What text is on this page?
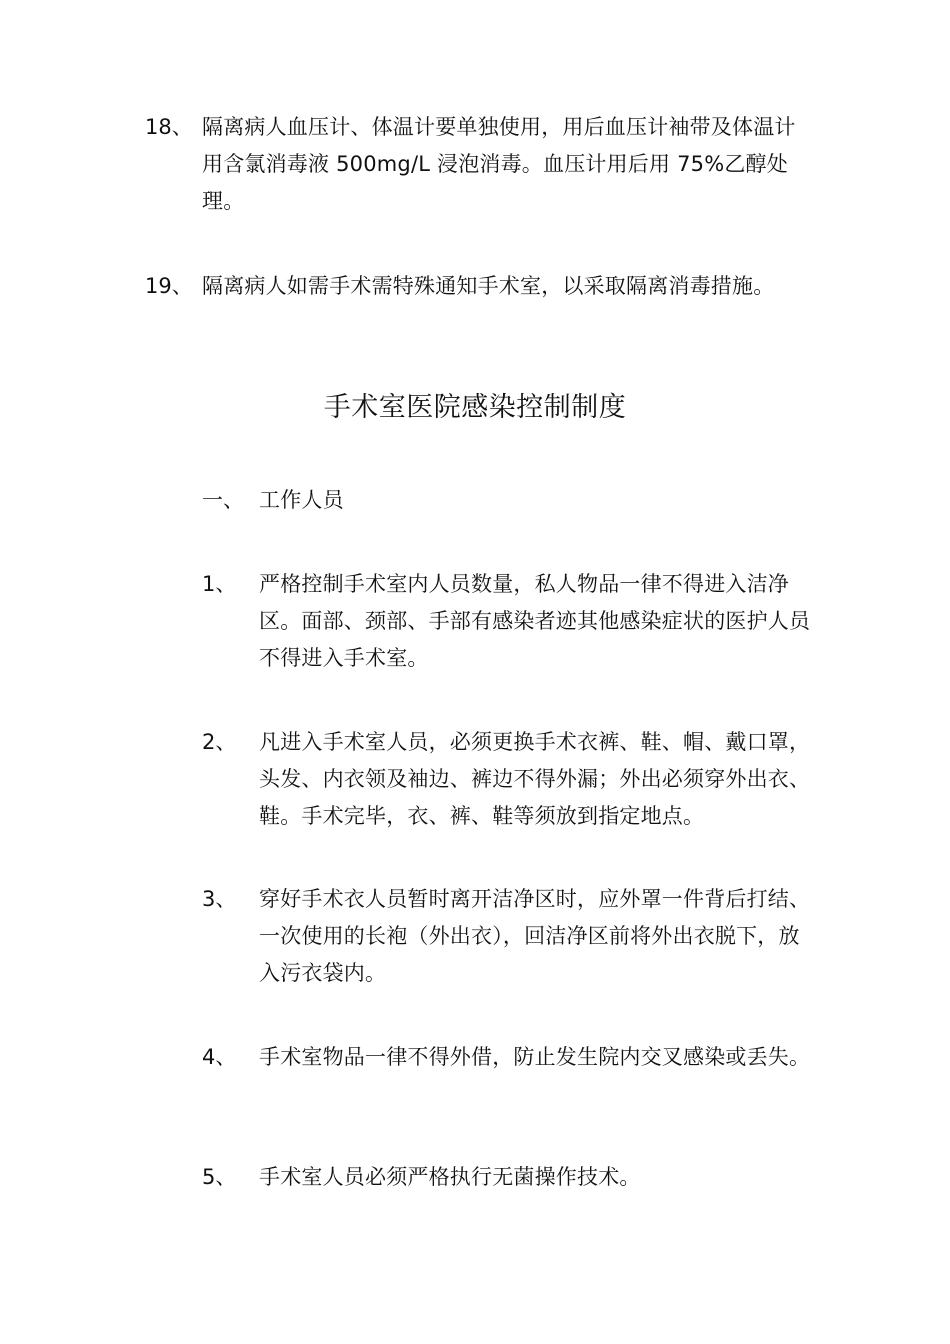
18、 隔离病人血压计、体温计要单独使用，用后血压计袖带及体温计用含氯消毒液 500mg/L 浸泡消毒。血压计用后用 75%乙醇处理。
19、 隔离病人如需手术需特殊通知手术室，以采取隔离消毒措施。
手术室医院感染控制制度
一、 工作人员
1、	严格控制手术室内人员数量，私人物品一律不得进入洁净区。面部、颈部、手部有感染者迹其他感染症状的医护人员不得进入手术室。
2、	凡进入手术室人员，必须更换手术衣裤、鞋、帽、戴口罩，头发、内衣领及袖边、裤边不得外漏；外出必须穿外出衣、鞋。手术完毕，衣、裤、鞋等须放到指定地点。
3、	穿好手术衣人员暂时离开洁净区时，应外罩一件背后打结、一次使用的长袍（外出衣），回洁净区前将外出衣脱下，放入污衣袋内。
4、	手术室物品一律不得外借，防止发生院内交叉感染或丢失。
5、	手术室人员必须严格执行无菌操作技术。
